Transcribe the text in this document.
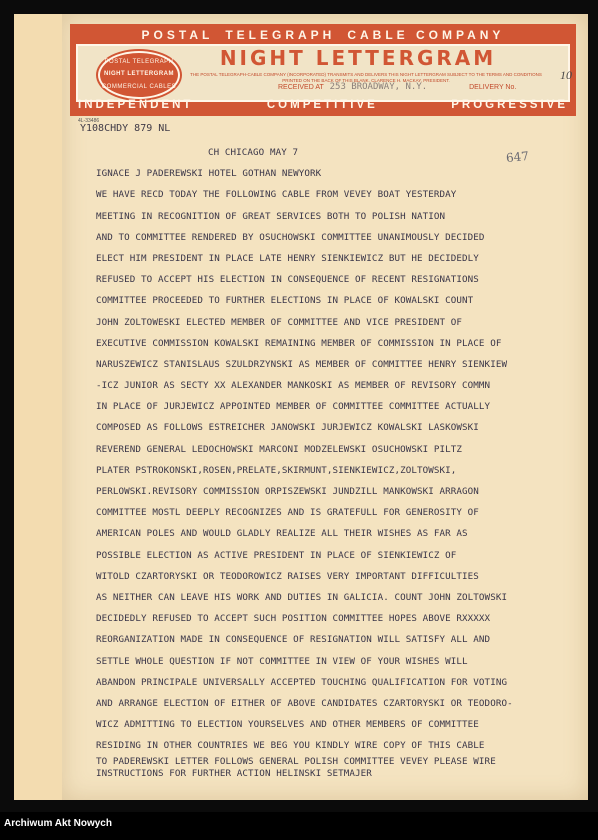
POSTAL TELEGRAPH CABLE COMPANY
POSTAL TELEGRAPH
NIGHT LETTERGRAM
COMMERCIAL CABLES
NIGHT LETTERGRAM
THE POSTAL TELEGRAPH-CABLE COMPANY (INCORPORATED) TRANSMITS AND DELIVERS THIS NIGHT LETTERGRAM SUBJECT TO THE TERMS AND CONDITIONS PRINTED ON THE BACK OF THIS BLANK. CLARENCE H. MACKAY, PRESIDENT.
RECEIVED AT 253 BROADWAY, N.Y.	DELIVERY No.
10
INDEPENDENT	COMPETITIVE	PROGRESSIVE
4L-33486
Y108CHDY 879 NL
647
CH CHICAGO MAY 7
IGNACE J PADEREWSKI HOTEL GOTHAN NEWYORK
WE HAVE RECD TODAY THE FOLLOWING CABLE FROM VEVEY BOAT YESTERDAY
MEETING IN RECOGNITION OF GREAT SERVICES BOTH TO POLISH NATION
AND TO COMMITTEE RENDERED BY OSUCHOWSKI COMMITTEE UNANIMOUSLY DECIDED
ELECT HIM PRESIDENT IN PLACE LATE HENRY SIENKIEWICZ BUT HE DECIDEDLY
REFUSED TO ACCEPT HIS ELECTION IN CONSEQUENCE OF RECENT RESIGNATIONS
COMMITTEE PROCEEDED TO FURTHER ELECTIONS IN PLACE OF KOWALSKI COUNT
JOHN ZOLTOWESKI ELECTED MEMBER OF COMMITTEE AND VICE PRESIDENT OF
EXECUTIVE COMMISSION KOWALSKI REMAINING MEMBER OF COMMISSION IN PLACE OF
NARUSZEWICZ STANISLAUS SZULDRZYNSKI AS MEMBER OF COMMITTEE HENRY SIENKIEW
-ICZ JUNIOR AS SECTY XX ALEXANDER MANKOSKI AS MEMBER OF REVISORY COMMN
IN PLACE OF JURJEWICZ APPOINTED MEMBER OF COMMITTEE COMMITTEE ACTUALLY
COMPOSED AS FOLLOWS ESTREICHER JANOWSKI JURJEWICZ KOWALSKI LASKOWSKI
REVEREND GENERAL LEDOCHOWSKI MARCONI MODZELEWSKI OSUCHOWSKI PILTZ
PLATER PSTROKONSKI,ROSEN,PRELATE,SKIRMUNT,SIENKIEWICZ,ZOLTOWSKI,
PERLOWSKI.REVISORY COMMISSION ORPISZEWSKI JUNDZILL MANKOWSKI ARRAGON
COMMITTEE MOSTL DEEPLY RECOGNIZES AND IS GRATEFULL FOR GENEROSITY OF
AMERICAN POLES AND WOULD GLADLY REALIZE ALL THEIR WISHES AS FAR AS
POSSIBLE ELECTION AS ACTIVE PRESIDENT IN PLACE OF SIENKIEWICZ OF
WITOLD CZARTORYSKI OR TEODOROWICZ RAISES VERY IMPORTANT DIFFICULTIES
AS NEITHER CAN LEAVE HIS WORK AND DUTIES IN GALICIA. COUNT JOHN ZOLTOWSKI
DECIDEDLY REFUSED TO ACCEPT SUCH POSITION COMMITTEE HOPES ABOVE RXXXXX
REORGANIZATION MADE IN CONSEQUENCE OF RESIGNATION WILL SATISFY ALL AND
SETTLE WHOLE QUESTION IF NOT COMMITTEE IN VIEW OF YOUR WISHES WILL
ABANDON PRINCIPALE UNIVERSALLY ACCEPTED TOUCHING QUALIFICATION FOR VOTING
AND ARRANGE ELECTION OF EITHER OF ABOVE CANDIDATES CZARTORYSKI OR TEODORO-
WICZ ADMITTING TO ELECTION YOURSELVES AND OTHER MEMBERS OF COMMITTEE
RESIDING IN OTHER COUNTRIES WE BEG YOU KINDLY WIRE COPY OF THIS CABLE
TO PADEREWSKI LETTER FOLLOWS GENERAL POLISH COMMITTEE VEVEY PLEASE WIRE
INSTRUCTIONS FOR FURTHER ACTION HELINSKI SETMAJER
Archiwum Akt Nowych
